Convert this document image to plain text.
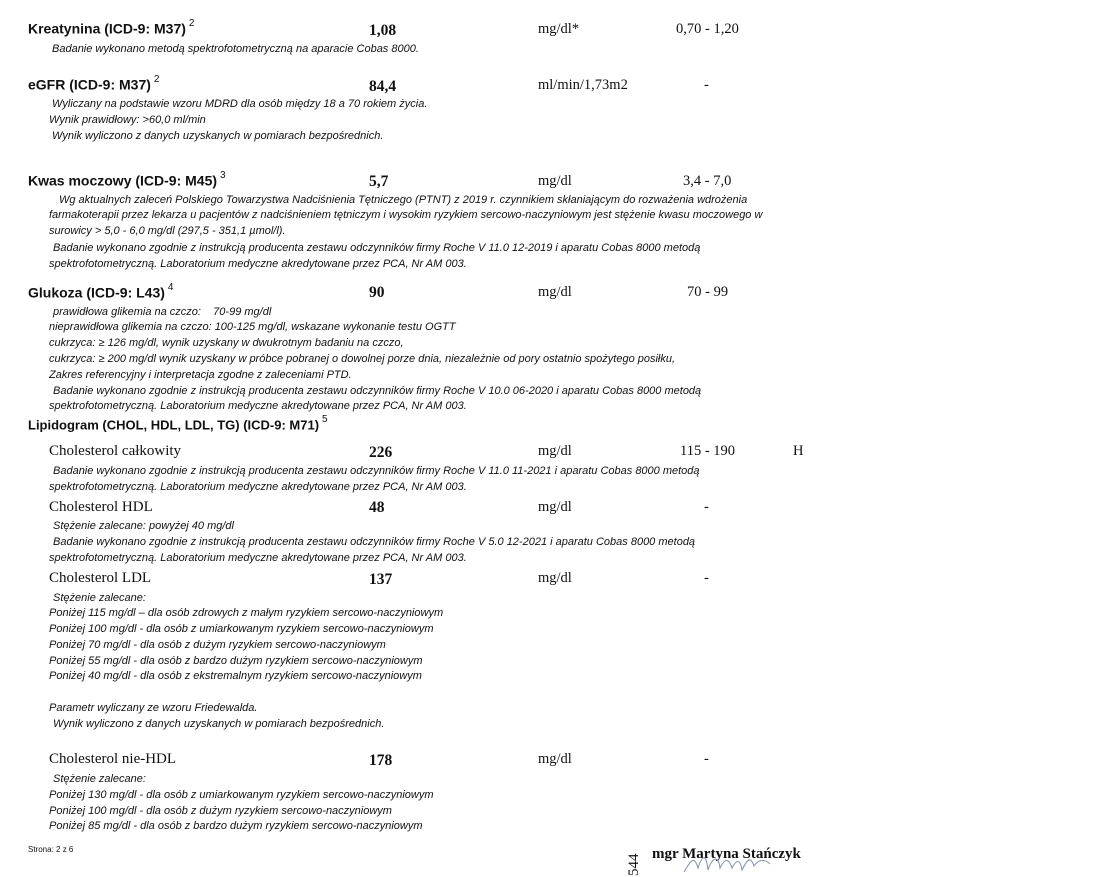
Kreatynina (ICD-9: M37) $^2$	1,08	mg/dl*	0,70 - 1,20
Badanie wykonano metodą spektrofotometryczną na aparacie Cobas 8000.
eGFR (ICD-9: M37) $^2$	84,4	ml/min/1,73m2	-
Wyliczany na podstawie wzoru MDRD dla osób między 18 a 70 rokiem życia.
Wynik prawidłowy: >60,0 ml/min
Wynik wyliczono z danych uzyskanych w pomiarach bezpośrednich.
Kwas moczowy (ICD-9: M45) $^3$	5,7	mg/dl	3,4 - 7,0
Wg aktualnych zaleceń Polskiego Towarzystwa Nadciśnienia Tętniczego (PTNT) z 2019 r. czynnikiem skłaniającym do rozważenia wdrożenia
farmakoterapii przez lekarza u pacjentów z nadciśnieniem tętniczym i wysokim ryzykiem sercowo-naczyniowym jest stężenie kwasu moczowego w
surowicy > 5,0 - 6,0 mg/dl (297,5 - 351,1 µmol/l).
Badanie wykonano zgodnie z instrukcją producenta zestawu odczynników firmy Roche V 11.0 12-2019 i aparatu Cobas 8000 metodą
spektrofotometryczną. Laboratorium medyczne akredytowane przez PCA, Nr AM 003.
Glukoza (ICD-9: L43) $^4$	90	mg/dl	70 - 99
prawidłowa glikemia na czczo:    70-99 mg/dl
nieprawidłowa glikemia na czczo: 100-125 mg/dl, wskazane wykonanie testu OGTT
cukrzyca: ≥ 126 mg/dl, wynik uzyskany w dwukrotnym badaniu na czczo,
cukrzyca: ≥ 200 mg/dl wynik uzyskany w próbce pobranej o dowolnej porze dnia, niezależnie od pory ostatnio spożytego posiłku,
Zakres referencyjny i interpretacja zgodne z zaleceniami PTD.
Badanie wykonano zgodnie z instrukcją producenta zestawu odczynników firmy Roche V 10.0 06-2020 i aparatu Cobas 8000 metodą
spektrofotometryczną. Laboratorium medyczne akredytowane przez PCA, Nr AM 003.
Lipidogram (CHOL, HDL, LDL, TG) (ICD-9: M71) $^5$
Cholesterol całkowity	226	mg/dl	115 - 190	H
Badanie wykonano zgodnie z instrukcją producenta zestawu odczynników firmy Roche V 11.0 11-2021 i aparatu Cobas 8000 metodą
spektrofotometryczną. Laboratorium medyczne akredytowane przez PCA, Nr AM 003.
Cholesterol HDL	48	mg/dl	-
Stężenie zalecane: powyżej 40 mg/dl
Badanie wykonano zgodnie z instrukcją producenta zestawu odczynników firmy Roche V 5.0 12-2021 i aparatu Cobas 8000 metodą
spektrofotometryczną. Laboratorium medyczne akredytowane przez PCA, Nr AM 003.
Cholesterol LDL	137	mg/dl	-
Stężenie zalecane:
Poniżej 115 mg/dl – dla osób zdrowych z małym ryzykiem sercowo-naczyniowym
Poniżej 100 mg/dl - dla osób z umiarkowanym ryzykiem sercowo-naczyniowym
Poniżej 70 mg/dl - dla osób z dużym ryzykiem sercowo-naczyniowym
Poniżej 55 mg/dl - dla osób z bardzo dużym ryzykiem sercowo-naczyniowym
Poniżej 40 mg/dl - dla osób z ekstremalnym ryzykiem sercowo-naczyniowym
Parametr wyliczany ze wzoru Friedewalda.
Wynik wyliczono z danych uzyskanych w pomiarach bezpośrednich.
Cholesterol nie-HDL	178	mg/dl	-
Stężenie zalecane:
Poniżej 130 mg/dl - dla osób z umiarkowanym ryzykiem sercowo-naczyniowym
Poniżej 100 mg/dl - dla osób z dużym ryzykiem sercowo-naczyniowym
Poniżej 85 mg/dl - dla osób z bardzo dużym ryzykiem sercowo-naczyniowym
Strona: 2 z 6
544 mgr Martyna Stańczyk
